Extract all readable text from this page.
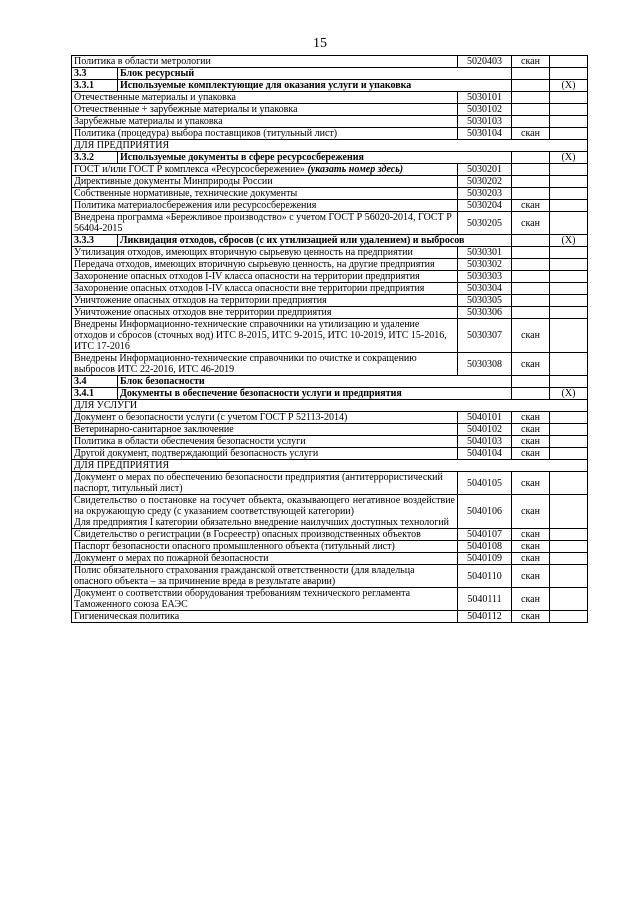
15
Политика в области метрологии		5020403	скан	
3.3	Блок ресурсный			
3.3.1	Используемые комплектующие для оказания услуги и упаковка			(X)
Отечественные материалы и упаковка		5030101		
Отечественные + зарубежные материалы и упаковка		5030102		
Зарубежные материалы и упаковка		5030103		
Политика (процедура) выбора поставщиков (титульный лист)		5030104	скан	
ДЛЯ ПРЕДПРИЯТИЯ				
3.3.2	Используемые документы в сфере ресурсосбережения			(X)
ГОСТ и/или ГОСТ Р комплекса «Ресурсосбережение» (указать номер здесь)		5030201		
Директивные документы Минприроды России		5030202		
Собственные нормативные, технические документы		5030203		
Политика материалосбережения или ресурсосбережения		5030204	скан	
Внедрена программа «Бережливое производство» с учетом ГОСТ Р 56020-2014, ГОСТ Р 56404-2015		5030205	скан	
3.3.3	Ликвидация отходов, сбросов (с их утилизацией или удалением) и выбросов			(X)
Утилизация отходов, имеющих вторичную сырьевую ценность на предприятии		5030301		
Передача отходов, имеющих вторичную сырьевую ценность, на другие предприятия		5030302		
Захоронение опасных отходов I-IV класса опасности на территории предприятия		5030303		
Захоронение опасных отходов I-IV класса опасности вне территории предприятия		5030304		
Уничтожение опасных отходов на территории предприятия		5030305		
Уничтожение опасных отходов вне территории предприятия		5030306		
Внедрены Информационно-технические справочники на утилизацию и удаление отходов и сбросов (сточных вод) ИТС 8-2015, ИТС 9-2015, ИТС 10-2019, ИТС 15-2016, ИТС 17-2016		5030307	скан	
Внедрены Информационно-технические справочники по очистке и сокращению выбросов ИТС 22-2016, ИТС 46-2019		5030308	скан	
3.4	Блок безопасности			
3.4.1	Документы в обеспечение безопасности услуги и предприятия			(X)
ДЛЯ УСЛУГИ				
Документ о безопасности услуги (с учетом ГОСТ Р 52113-2014)		5040101	скан	
Ветеринарно-санитарное заключение		5040102	скан	
Политика в области обеспечения безопасности услуги		5040103	скан	
Другой документ, подтверждающий безопасность услуги		5040104	скан	
ДЛЯ ПРЕДПРИЯТИЯ				
Документ о мерах по обеспечению безопасности предприятия (антитеррористический паспорт, титульный лист)		5040105	скан	
Свидетельство о постановке на госучет объекта, оказывающего негативное воздействие на окружающую среду (с указанием соответствующей категории)
Для предприятия I категории обязательно внедрение наилучших доступных технологий		5040106	скан	
Свидетельство о регистрации (в Госреестр) опасных производственных объектов		5040107	скан	
Паспорт безопасности опасного промышленного объекта (титульный лист)		5040108	скан	
Документ о мерах по пожарной безопасности		5040109	скан	
Полис обязательного страхования гражданской ответственности (для владельца опасного объекта – за причинение вреда в результате аварии)		5040110	скан	
Документ о соответствии оборудования требованиям технического регламента Таможенного союза ЕАЭС		5040111	скан	
Гигиеническая политика		5040112	скан	
